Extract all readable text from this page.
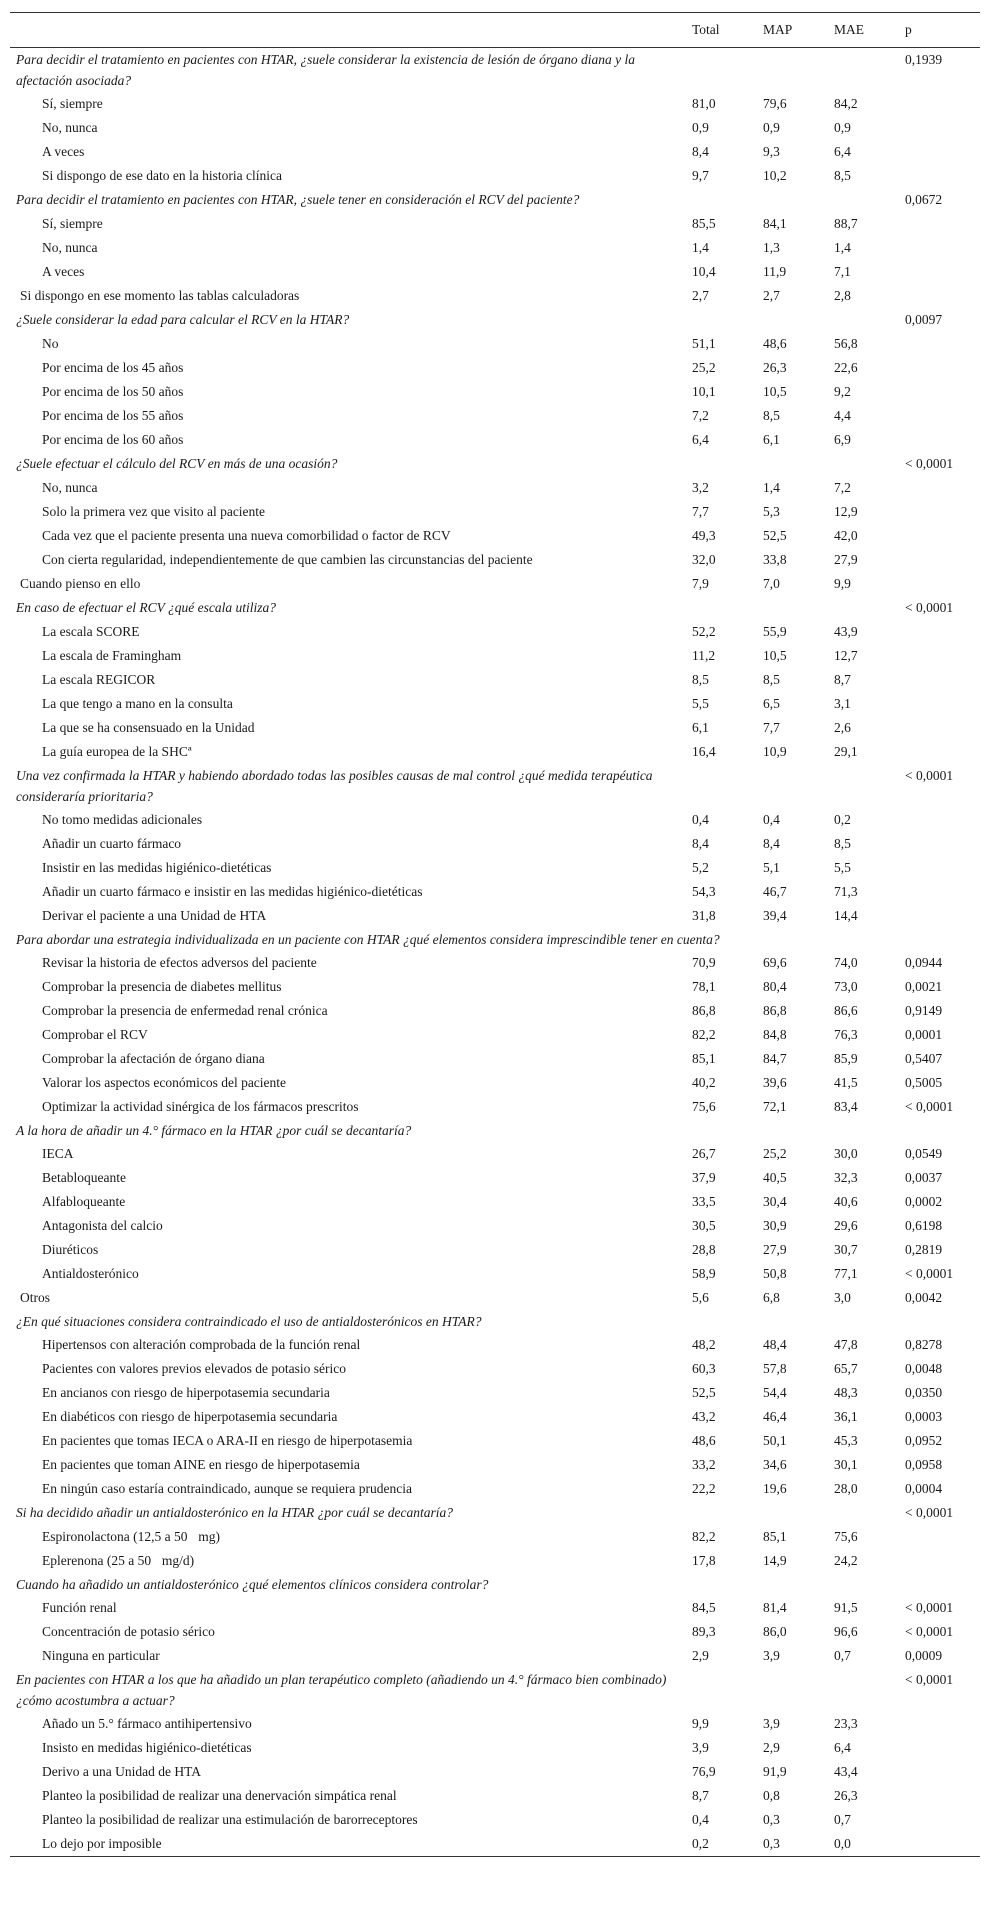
	Total	MAP	MAE	p
Para decidir el tratamiento en pacientes con HTAR, ¿suele considerar la existencia de lesión de órgano diana y la afectación asociada?				0,1939
Sí, siempre	81,0	79,6	84,2	
No, nunca	0,9	0,9	0,9	
A veces	8,4	9,3	6,4	
Si dispongo de ese dato en la historia clínica	9,7	10,2	8,5	
Para decidir el tratamiento en pacientes con HTAR, ¿suele tener en consideración el RCV del paciente?				0,0672
Sí, siempre	85,5	84,1	88,7	
No, nunca	1,4	1,3	1,4	
A veces	10,4	11,9	7,1	
Si dispongo en ese momento las tablas calculadoras	2,7	2,7	2,8	
¿Suele considerar la edad para calcular el RCV en la HTAR?				0,0097
No	51,1	48,6	56,8	
Por encima de los 45 años	25,2	26,3	22,6	
Por encima de los 50 años	10,1	10,5	9,2	
Por encima de los 55 años	7,2	8,5	4,4	
Por encima de los 60 años	6,4	6,1	6,9	
¿Suele efectuar el cálculo del RCV en más de una ocasión?				< 0,0001
No, nunca	3,2	1,4	7,2	
Solo la primera vez que visito al paciente	7,7	5,3	12,9	
Cada vez que el paciente presenta una nueva comorbilidad o factor de RCV	49,3	52,5	42,0	
Con cierta regularidad, independientemente de que cambien las circunstancias del paciente	32,0	33,8	27,9	
Cuando pienso en ello	7,9	7,0	9,9	
En caso de efectuar el RCV ¿qué escala utiliza?				< 0,0001
La escala SCORE	52,2	55,9	43,9	
La escala de Framingham	11,2	10,5	12,7	
La escala REGICOR	8,5	8,5	8,7	
La que tengo a mano en la consulta	5,5	6,5	3,1	
La que se ha consensuado en la Unidad	6,1	7,7	2,6	
La guía europea de la SHCª	16,4	10,9	29,1	
Una vez confirmada la HTAR y habiendo abordado todas las posibles causas de mal control ¿qué medida terapéutica consideraría prioritaria?				< 0,0001
No tomo medidas adicionales	0,4	0,4	0,2	
Añadir un cuarto fármaco	8,4	8,4	8,5	
Insistir en las medidas higiénico-dietéticas	5,2	5,1	5,5	
Añadir un cuarto fármaco e insistir en las medidas higiénico-dietéticas	54,3	46,7	71,3	
Derivar el paciente a una Unidad de HTA	31,8	39,4	14,4	
Para abordar una estrategia individualizada en un paciente con HTAR ¿qué elementos considera imprescindible tener en cuenta?				
Revisar la historia de efectos adversos del paciente	70,9	69,6	74,0	0,0944
Comprobar la presencia de diabetes mellitus	78,1	80,4	73,0	0,0021
Comprobar la presencia de enfermedad renal crónica	86,8	86,8	86,6	0,9149
Comprobar el RCV	82,2	84,8	76,3	0,0001
Comprobar la afectación de órgano diana	85,1	84,7	85,9	0,5407
Valorar los aspectos económicos del paciente	40,2	39,6	41,5	0,5005
Optimizar la actividad sinérgica de los fármacos prescritos	75,6	72,1	83,4	< 0,0001
A la hora de añadir un 4.° fármaco en la HTAR ¿por cuál se decantaría?				
IECA	26,7	25,2	30,0	0,0549
Betabloqueante	37,9	40,5	32,3	0,0037
Alfabloqueante	33,5	30,4	40,6	0,0002
Antagonista del calcio	30,5	30,9	29,6	0,6198
Diuréticos	28,8	27,9	30,7	0,2819
Antialdosterónico	58,9	50,8	77,1	< 0,0001
Otros	5,6	6,8	3,0	0,0042
¿En qué situaciones considera contraindicado el uso de antialdosterónicos en HTAR?				
Hipertensos con alteración comprobada de la función renal	48,2	48,4	47,8	0,8278
Pacientes con valores previos elevados de potasio sérico	60,3	57,8	65,7	0,0048
En ancianos con riesgo de hiperpotasemia secundaria	52,5	54,4	48,3	0,0350
En diabéticos con riesgo de hiperpotasemia secundaria	43,2	46,4	36,1	0,0003
En pacientes que tomas IECA o ARA-II en riesgo de hiperpotasemia	48,6	50,1	45,3	0,0952
En pacientes que toman AINE en riesgo de hiperpotasemia	33,2	34,6	30,1	0,0958
En ningún caso estaría contraindicado, aunque se requiera prudencia	22,2	19,6	28,0	0,0004
Si ha decidido añadir un antialdosterónico en la HTAR ¿por cuál se decantaría?				< 0,0001
Espironolactona (12,5 a 50    mg)	82,2	85,1	75,6	
Eplerenona (25 a 50    mg/d)	17,8	14,9	24,2	
Cuando ha añadido un antialdosterónico ¿qué elementos clínicos considera controlar?				
Función renal	84,5	81,4	91,5	< 0,0001
Concentración de potasio sérico	89,3	86,0	96,6	< 0,0001
Ninguna en particular	2,9	3,9	0,7	0,0009
En pacientes con HTAR a los que ha añadido un plan terapéutico completo (añadiendo un 4.° fármaco bien combinado) ¿cómo acostumbra a actuar?				< 0,0001
Añado un 5.° fármaco antihipertensivo	9,9	3,9	23,3	
Insisto en medidas higiénico-dietéticas	3,9	2,9	6,4	
Derivo a una Unidad de HTA	76,9	91,9	43,4	
Planteo la posibilidad de realizar una denervación simpática renal	8,7	0,8	26,3	
Planteo la posibilidad de realizar una estimulación de barorreceptores	0,4	0,3	0,7	
Lo dejo por imposible	0,2	0,3	0,0	
